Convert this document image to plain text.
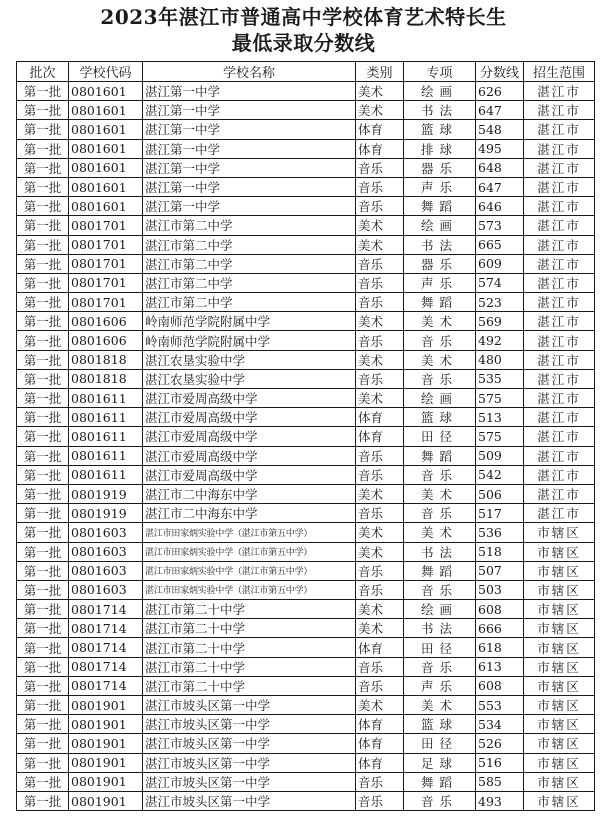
2023年湛江市普通高中学校体育艺术特长生
最低录取分数线
批次	学校代码	学校名称	类别	专项	分数线	招生范围
第一批	0801601	湛江第一中学	美术	绘画	626	湛江市
第一批	0801601	湛江第一中学	美术	书法	647	湛江市
第一批	0801601	湛江第一中学	体育	篮球	548	湛江市
第一批	0801601	湛江第一中学	体育	排球	495	湛江市
第一批	0801601	湛江第一中学	音乐	器乐	648	湛江市
第一批	0801601	湛江第一中学	音乐	声乐	647	湛江市
第一批	0801601	湛江第一中学	音乐	舞蹈	646	湛江市
第一批	0801701	湛江市第二中学	美术	绘画	573	湛江市
第一批	0801701	湛江市第二中学	美术	书法	665	湛江市
第一批	0801701	湛江市第二中学	音乐	器乐	609	湛江市
第一批	0801701	湛江市第二中学	音乐	声乐	574	湛江市
第一批	0801701	湛江市第二中学	音乐	舞蹈	523	湛江市
第一批	0801606	岭南师范学院附属中学	美术	美术	569	湛江市
第一批	0801606	岭南师范学院附属中学	音乐	音乐	492	湛江市
第一批	0801818	湛江农垦实验中学	美术	美术	480	湛江市
第一批	0801818	湛江农垦实验中学	音乐	音乐	535	湛江市
第一批	0801611	湛江市爱周高级中学	美术	绘画	575	湛江市
第一批	0801611	湛江市爱周高级中学	体育	篮球	513	湛江市
第一批	0801611	湛江市爱周高级中学	体育	田径	575	湛江市
第一批	0801611	湛江市爱周高级中学	音乐	舞蹈	509	湛江市
第一批	0801611	湛江市爱周高级中学	音乐	音乐	542	湛江市
第一批	0801919	湛江市二中海东中学	美术	美术	506	湛江市
第一批	0801919	湛江市二中海东中学	音乐	音乐	517	湛江市
第一批	0801603	湛江市田家炳实验中学（湛江市第五中学）	美术	美术	536	市辖区
第一批	0801603	湛江市田家炳实验中学（湛江市第五中学）	美术	书法	518	市辖区
第一批	0801603	湛江市田家炳实验中学（湛江市第五中学）	音乐	舞蹈	507	市辖区
第一批	0801603	湛江市田家炳实验中学（湛江市第五中学）	音乐	音乐	503	市辖区
第一批	0801714	湛江市第二十中学	美术	绘画	608	市辖区
第一批	0801714	湛江市第二十中学	美术	书法	666	市辖区
第一批	0801714	湛江市第二十中学	体育	田径	618	市辖区
第一批	0801714	湛江市第二十中学	音乐	音乐	613	市辖区
第一批	0801714	湛江市第二十中学	音乐	声乐	608	市辖区
第一批	0801901	湛江市坡头区第一中学	美术	美术	553	市辖区
第一批	0801901	湛江市坡头区第一中学	体育	篮球	534	市辖区
第一批	0801901	湛江市坡头区第一中学	体育	田径	526	市辖区
第一批	0801901	湛江市坡头区第一中学	体育	足球	516	市辖区
第一批	0801901	湛江市坡头区第一中学	音乐	舞蹈	585	市辖区
第一批	0801901	湛江市坡头区第一中学	音乐	音乐	493	市辖区
